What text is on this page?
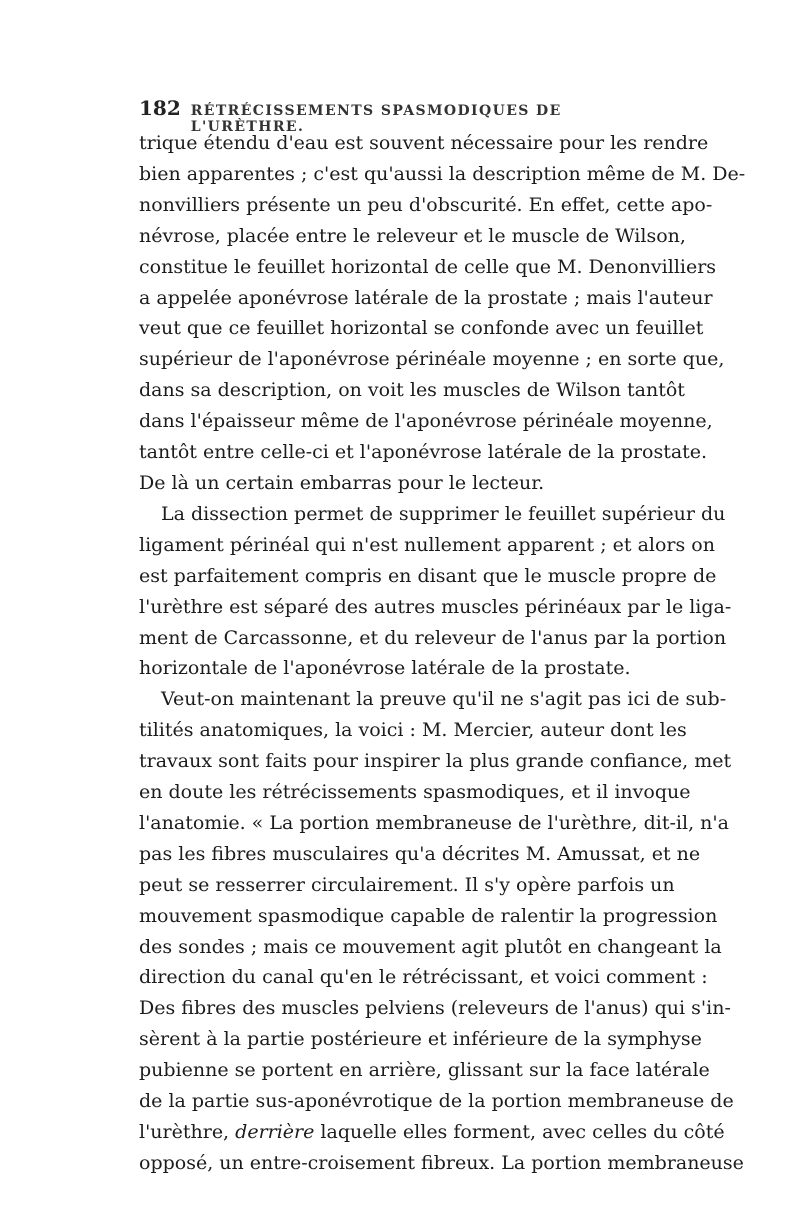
182 RÉTRÉCISSEMENTS SPASMODIQUES DE L'URÈTHRE.
trique étendu d'eau est souvent nécessaire pour les rendre
bien apparentes ; c'est qu'aussi la description même de M. De-
nonvilliers présente un peu d'obscurité. En effet, cette apo-
névrose, placée entre le releveur et le muscle de Wilson,
constitue le feuillet horizontal de celle que M. Denonvilliers
a appelée aponévrose latérale de la prostate ; mais l'auteur
veut que ce feuillet horizontal se confonde avec un feuillet
supérieur de l'aponévrose périnéale moyenne ; en sorte que,
dans sa description, on voit les muscles de Wilson tantôt
dans l'épaisseur même de l'aponévrose périnéale moyenne,
tantôt entre celle-ci et l'aponévrose latérale de la prostate.
De là un certain embarras pour le lecteur.
La dissection permet de supprimer le feuillet supérieur du
ligament périnéal qui n'est nullement apparent ; et alors on
est parfaitement compris en disant que le muscle propre de
l'urèthre est séparé des autres muscles périnéaux par le liga-
ment de Carcassonne, et du releveur de l'anus par la portion
horizontale de l'aponévrose latérale de la prostate.
Veut-on maintenant la preuve qu'il ne s'agit pas ici de sub-
tilités anatomiques, la voici : M. Mercier, auteur dont les
travaux sont faits pour inspirer la plus grande confiance, met
en doute les rétrécissements spasmodiques, et il invoque
l'anatomie. « La portion membraneuse de l'urèthre, dit-il, n'a
pas les fibres musculaires qu'a décrites M. Amussat, et ne
peut se resserrer circulairement. Il s'y opère parfois un
mouvement spasmodique capable de ralentir la progression
des sondes ; mais ce mouvement agit plutôt en changeant la
direction du canal qu'en le rétrécissant, et voici comment :
Des fibres des muscles pelviens (releveurs de l'anus) qui s'in-
sèrent à la partie postérieure et inférieure de la symphyse
pubienne se portent en arrière, glissant sur la face latérale
de la partie sus-aponévrotique de la portion membraneuse de
l'urèthre, derrière laquelle elles forment, avec celles du côté
opposé, un entre-croisement fibreux. La portion membraneuse
